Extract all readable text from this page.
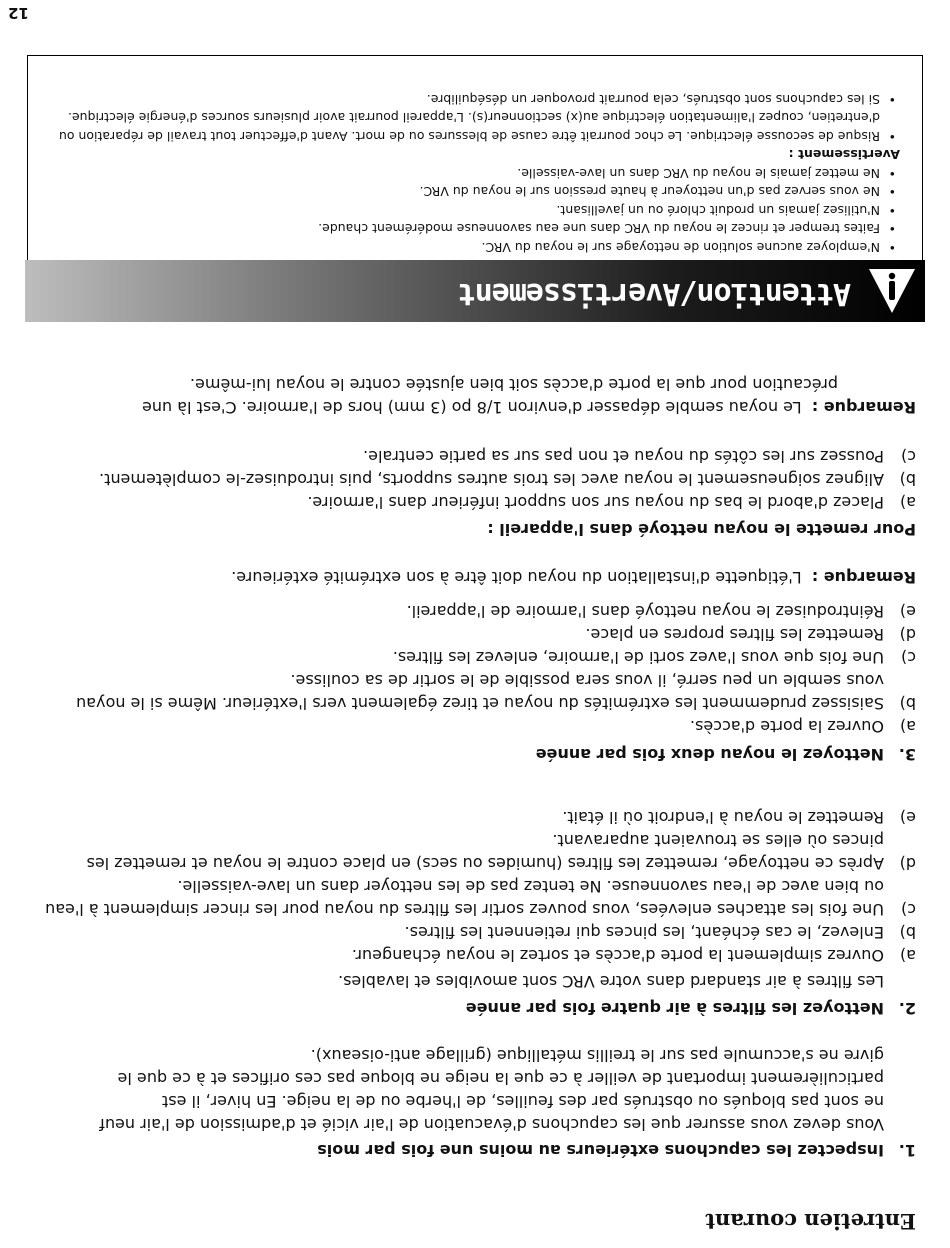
Entretien courant
1.Inspectez les capuchons extérieurs au moins une fois par mois
Vous devez vous assurer que les capuchons d'évacuation de l'air vicié et d'admission de l'air neuf
ne sont pas bloqués ou obstrués par des feuilles, de l'herbe ou de la neige. En hiver, il est
particulièrement important de veiller à ce que la neige ne bloque pas ces orifices et à ce que le
givre ne s'accumule pas sur le treillis métallique (grillage anti-oiseaux).
2.Nettoyez les filtres à air quatre fois par année
Les filtres à air standard dans votre VRC sont amovibles et lavables.
a)
Ouvrez simplement la porte d'accès et sortez le noyau échangeur.
b)
Enlevez, le cas échéant, les pinces qui retiennent les filtres.
c)
Une fois les attaches enlevées, vous pouvez sortir les filtres du noyau pour les rincer simplement à l'eau ou bien avec de l'eau savonneuse. Ne tentez pas de les nettoyer dans un lave-vaisselle.
d)
Après ce nettoyage, remettez les filtres (humides ou secs) en place contre le noyau et remettez les pinces où elles se trouvaient auparavant.
e)
Remettez le noyau à l'endroit où il était.
3.Nettoyez le noyau deux fois par année
a)
Ouvrez la porte d'accès.
b)
Saisissez prudemment les extrémités du noyau et tirez également vers l'extérieur. Même si le noyau vous semble un peu serré, il vous sera possible de le sortir de sa coulisse.
c)
Une fois que vous l'avez sorti de l'armoire, enlevez les filtres.
d)
Remettez les filtres propres en place.
e)
Réintroduisez le noyau nettoyé dans l'armoire de l'appareil.
Remarque :  L'étiquette d'installation du noyau doit être à son extrémité extérieure.
Pour remette le noyau nettoyé dans l'appareil :
a)
Placez d'abord le bas du noyau sur son support inférieur dans l'armoire.
b)
Alignez soigneusement le noyau avec les trois autres supports, puis introduisez-le complètement.
c)
Poussez sur les côtés du noyau et non pas sur sa partie centrale.
Remarque :  Le noyau semble dépasser d'environ 1/8 po (3 mm) hors de l'armoire. C'est là une
précaution pour que la porte d'accès soit bien ajustée contre le noyau lui-même.
Attention/Avertissement
• N'employez aucune solution de nettoyage sur le noyau du VRC.
• Faites tremper et rincez le noyau du VRC dans une eau savonneuse modérément chaude.
• N'utilisez jamais un produit chloré ou un javellisant.
• Ne vous servez pas d'un nettoyeur à haute pression sur le noyau du VRC.
• Ne mettez jamais le noyau du VRC dans un lave-vaisselle.
Avertissement :
• Risque de secousse électrique. Le choc pourrait être cause de blessures ou de mort. Avant d'effectuer tout travail de réparation ou d'entretien, coupez l'alimentation électrique au(x) sectionneur(s). L'appareil pourrait avoir plusieurs sources d'énergie électrique.
• Si les capuchons sont obstrués, cela pourrait provoquer un déséquilibre.
12
